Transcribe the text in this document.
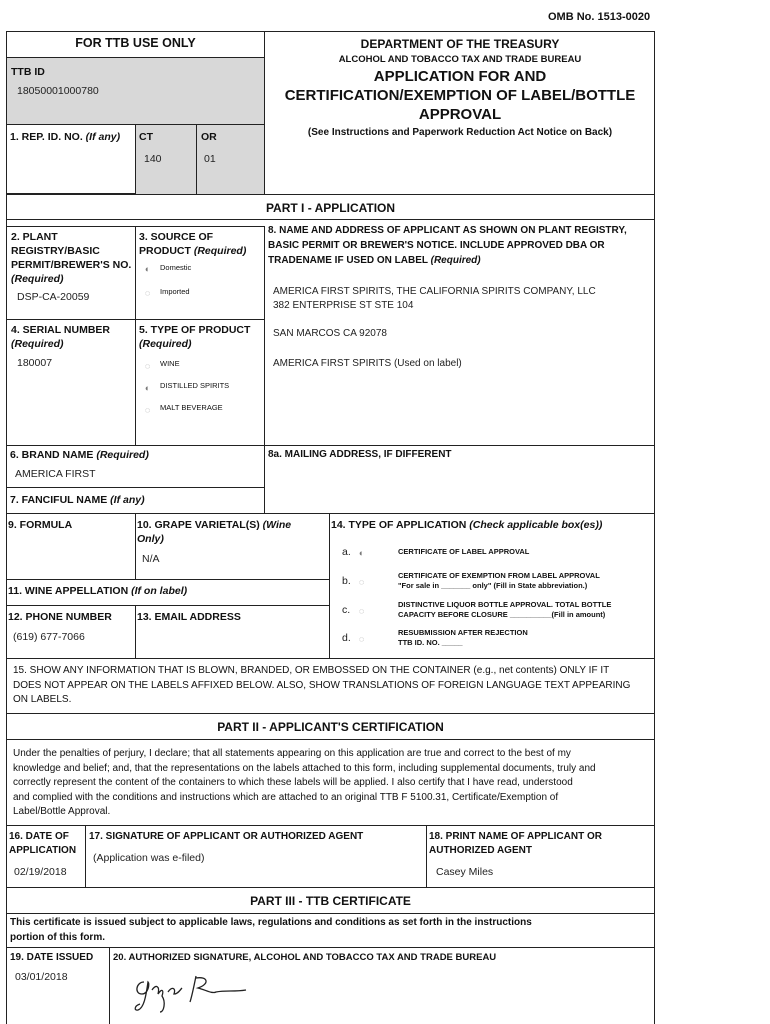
OMB No. 1513-0020
FOR TTB USE ONLY
TTB ID
18050001000780
1. REP. ID. NO. (If any) CT
140
OR
01
DEPARTMENT OF THE TREASURY
ALCOHOL AND TOBACCO TAX AND TRADE BUREAU
APPLICATION FOR AND
CERTIFICATION/EXEMPTION OF LABEL/BOTTLE
APPROVAL
(See Instructions and Paperwork Reduction Act Notice on Back)
PART I - APPLICATION
2. PLANT
REGISTRY/BASIC
PERMIT/BREWER'S NO.
(Required)
DSP-CA-20059
3. SOURCE OF
PRODUCT (Required)
◐ Domestic
◌ Imported
8. NAME AND ADDRESS OF APPLICANT AS SHOWN ON PLANT REGISTRY,
BASIC PERMIT OR BREWER'S NOTICE. INCLUDE APPROVED DBA OR
TRADENAME IF USED ON LABEL (Required)
AMERICA FIRST SPIRITS, THE CALIFORNIA SPIRITS COMPANY, LLC
382 ENTERPRISE ST STE 104
SAN MARCOS CA 92078
AMERICA FIRST SPIRITS (Used on label)
4. SERIAL NUMBER
(Required)
180007
5. TYPE OF PRODUCT
(Required)
◌ WINE
◐ DISTILLED SPIRITS
◌ MALT BEVERAGE
6. BRAND NAME (Required)
AMERICA FIRST
8a. MAILING ADDRESS, IF DIFFERENT
7. FANCIFUL NAME (If any)
9. FORMULA	10. GRAPE VARIETAL(S) (Wine
Only)
N/A
14. TYPE OF APPLICATION (Check applicable box(es))
a. ◐	CERTIFICATE OF LABEL APPROVAL
b. ◌
CERTIFICATE OF EXEMPTION FROM LABEL APPROVAL
"For sale in _______ only" (Fill in State abbreviation.)
c. ◌
DISTINCTIVE LIQUOR BOTTLE APPROVAL. TOTAL BOTTLE
CAPACITY BEFORE CLOSURE __________(Fill in amount)
d. ◌
RESUBMISSION AFTER REJECTION
TTB ID. NO. _____
11. WINE APPELLATION (If on label)
12. PHONE NUMBER
(619) 677-7066
13. EMAIL ADDRESS
15. SHOW ANY INFORMATION THAT IS BLOWN, BRANDED, OR EMBOSSED ON THE CONTAINER (e.g., net contents) ONLY IF IT
DOES NOT APPEAR ON THE LABELS AFFIXED BELOW. ALSO, SHOW TRANSLATIONS OF FOREIGN LANGUAGE TEXT APPEARING
ON LABELS.
PART II - APPLICANT'S CERTIFICATION
Under the penalties of perjury, I declare; that all statements appearing on this application are true and correct to the best of my
knowledge and belief; and, that the representations on the labels attached to this form, including supplemental documents, truly and
correctly represent the content of the containers to which these labels will be applied. I also certify that I have read, understood
and complied with the conditions and instructions which are attached to an original TTB F 5100.31, Certificate/Exemption of
Label/Bottle Approval.
16. DATE OF
APPLICATION
02/19/2018
17. SIGNATURE OF APPLICANT OR AUTHORIZED AGENT
(Application was e-filed)
18. PRINT NAME OF APPLICANT OR
AUTHORIZED AGENT
Casey Miles
PART III - TTB CERTIFICATE
This certificate is issued subject to applicable laws, regulations and conditions as set forth in the instructions
portion of this form.
19. DATE ISSUED
03/01/2018
20. AUTHORIZED SIGNATURE, ALCOHOL AND TOBACCO TAX AND TRADE BUREAU
